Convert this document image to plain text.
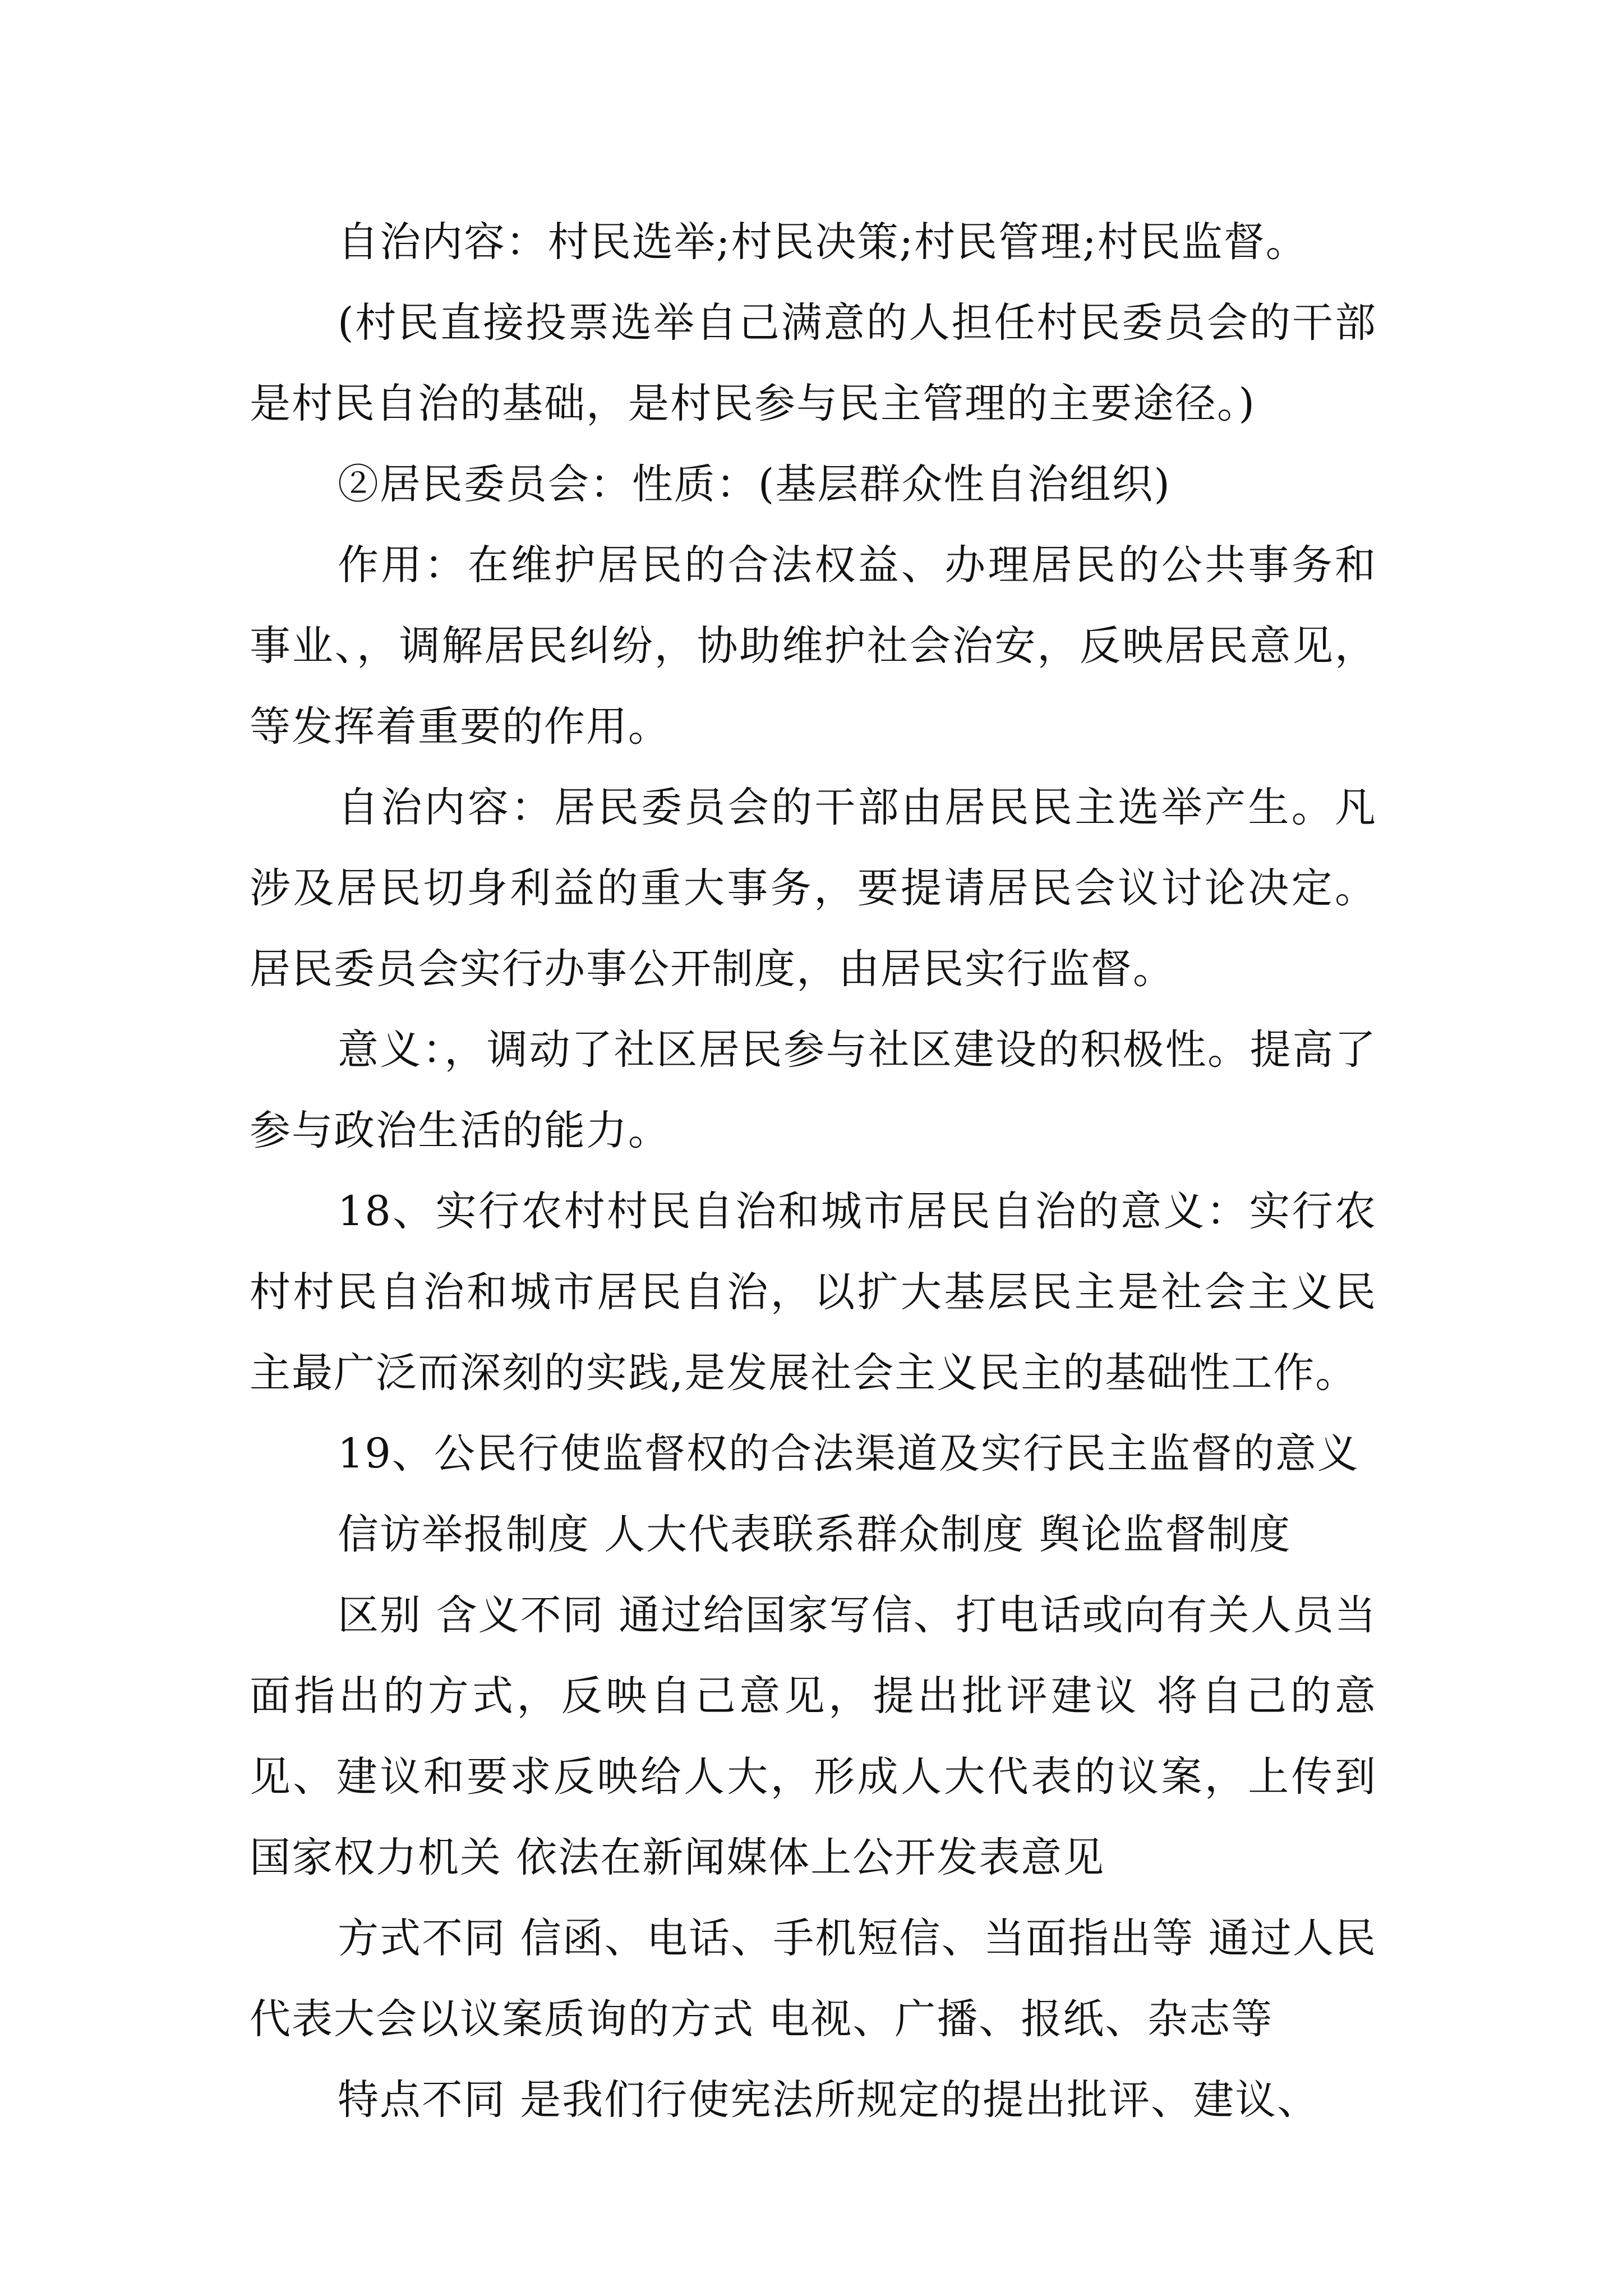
自治内容：村民选举;村民决策;村民管理;村民监督。

(村民直接投票选举自己满意的人担任村民委员会的干部是村民自治的基础，是村民参与民主管理的主要途径。)

②居民委员会：性质：(基层群众性自治组织)

作用：在维护居民的合法权益、办理居民的公共事务和事业、，调解居民纠纷，协助维护社会治安，反映居民意见，等发挥着重要的作用。

自治内容：居民委员会的干部由居民民主选举产生。凡涉及居民切身利益的重大事务，要提请居民会议讨论决定。居民委员会实行办事公开制度，由居民实行监督。

意义：，调动了社区居民参与社区建设的积极性。提高了参与政治生活的能力。

18、实行农村村民自治和城市居民自治的意义：实行农村村民自治和城市居民自治，以扩大基层民主是社会主义民主最广泛而深刻的实践,是发展社会主义民主的基础性工作。

19、公民行使监督权的合法渠道及实行民主监督的意义

信访举报制度 人大代表联系群众制度 舆论监督制度

区别 含义不同 通过给国家写信、打电话或向有关人员当面指出的方式，反映自己意见，提出批评建议 将自己的意见、建议和要求反映给人大，形成人大代表的议案，上传到国家权力机关 依法在新闻媒体上公开发表意见

方式不同 信函、电话、手机短信、当面指出等 通过人民代表大会以议案质询的方式 电视、广播、报纸、杂志等

特点不同 是我们行使宪法所规定的提出批评、建议、
